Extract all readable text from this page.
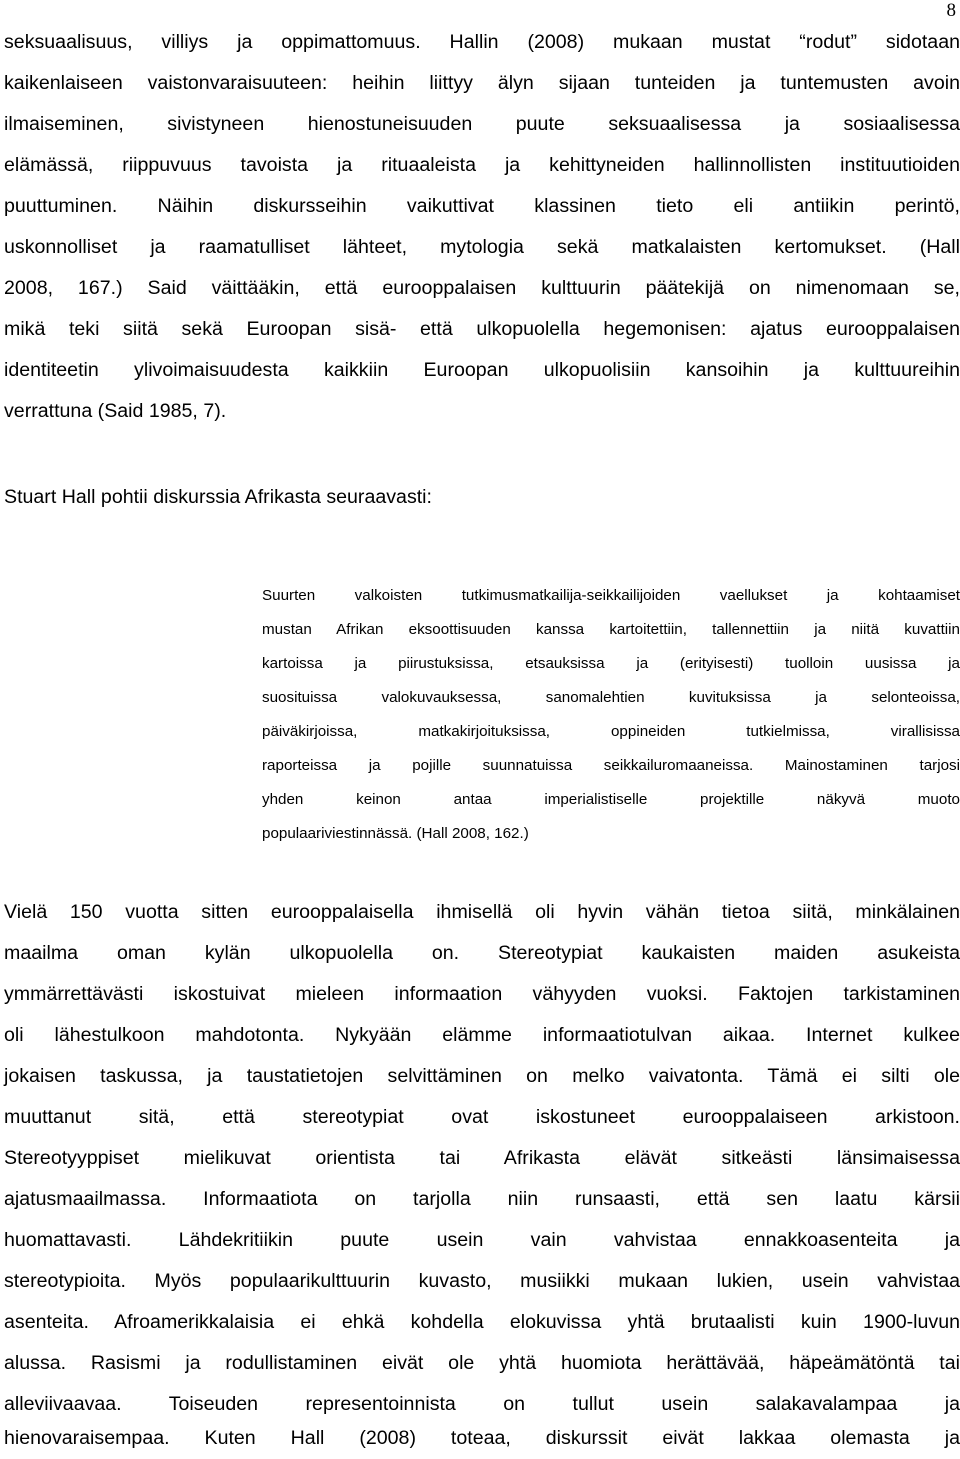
8
seksuaalisuus, villiys ja oppimattomuus. Hallin (2008) mukaan mustat “rodut” sidotaan
kaikenlaiseen vaistonvaraisuuteen: heihin liittyy älyn sijaan tunteiden ja tuntemusten avoin
ilmaiseminen, sivistyneen hienostuneisuuden puute seksuaalisessa ja sosiaalisessa
elämässä, riippuvuus tavoista ja rituaaleista ja kehittyneiden hallinnollisten instituutioiden
puuttuminen. Näihin diskursseihin vaikuttivat klassinen tieto eli antiikin perintö,
uskonnolliset ja raamatulliset lähteet, mytologia sekä matkalaisten kertomukset. (Hall
2008, 167.) Said väittääkin, että eurooppalaisen kulttuurin päätekijä on nimenomaan se,
mikä teki siitä sekä Euroopan sisä- että ulkopuolella hegemonisen: ajatus eurooppalaisen
identiteetin ylivoimaisuudesta kaikkiin Euroopan ulkopuolisiin kansoihin ja kulttuureihin
verrattuna (Said 1985, 7).
Stuart Hall pohtii diskurssia Afrikasta seuraavasti:
Suurten valkoisten tutkimusmatkailija-seikkailijoiden vaellukset ja kohtaamiset
mustan Afrikan eksoottisuuden kanssa kartoitettiin, tallennettiin ja niitä kuvattiin
kartoissa ja piirustuksissa, etsauksissa ja (erityisesti) tuolloin uusissa ja
suosituissa valokuvauksessa, sanomalehtien kuvituksissa ja selonteoissa,
päiväkirjoissa, matkakirjoituksissa, oppineiden tutkielmissa, virallisissa
raporteissa ja pojille suunnatuissa seikkailuromaaneissa. Mainostaminen tarjosi
yhden keinon antaa imperialistiselle projektille näkyvä muoto
populaariviestinnässä. (Hall 2008, 162.)
Vielä 150 vuotta sitten eurooppalaisella ihmisellä oli hyvin vähän tietoa siitä, minkälainen
maailma oman kylän ulkopuolella on. Stereotypiat kaukaisten maiden asukeista
ymmärrettävästi iskostuivat mieleen informaation vähyyden vuoksi. Faktojen tarkistaminen
oli lähestulkoon mahdotonta. Nykyään elämme informaatiotulvan aikaa. Internet kulkee
jokaisen taskussa, ja taustatietojen selvittäminen on melko vaivatonta. Tämä ei silti ole
muuttanut sitä, että stereotypiat ovat iskostuneet eurooppalaiseen arkistoon.
Stereotyyppiset mielikuvat orientista tai Afrikasta elävät sitkeästi länsimaisessa
ajatusmaailmassa. Informaatiota on tarjolla niin runsaasti, että sen laatu kärsii
huomattavasti. Lähdekritiikin puute usein vain vahvistaa ennakkoasenteita ja
stereotypioita. Myös populaarikulttuurin kuvasto, musiikki mukaan lukien, usein vahvistaa
asenteita. Afroamerikkalaisia ei ehkä kohdella elokuvissa yhtä brutaalisti kuin 1900-luvun
alussa. Rasismi ja rodullistaminen eivät ole yhtä huomiota herättävää, häpeämätöntä tai
alleviivaavaa. Toiseuden representoinnista on tullut usein salakavalampaa ja
hienovaraisempaa. Kuten Hall (2008) toteaa, diskurssit eivät lakkaa olemasta ja
